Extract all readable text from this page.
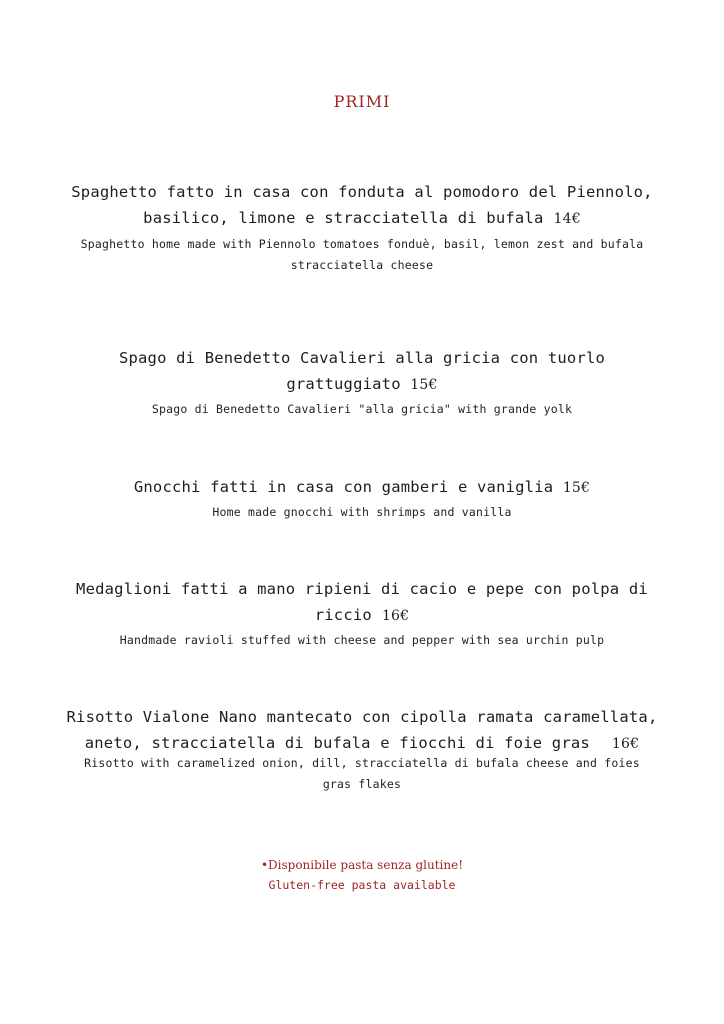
PRIMI
Spaghetto fatto in casa con fonduta al pomodoro del Piennolo,
basilico, limone e stracciatella di bufala 14€
Spaghetto home made with Piennolo tomatoes fonduè, basil, lemon zest and bufala
stracciatella cheese
Spago di Benedetto Cavalieri alla gricia con tuorlo
grattuggiato 15€
Spago di Benedetto Cavalieri "alla gricia" with grande yolk
Gnocchi fatti in casa con gamberi e vaniglia 15€
Home made gnocchi with shrimps and vanilla
Medaglioni fatti a mano ripieni di cacio e pepe con polpa di
riccio 16€
Handmade ravioli stuffed with cheese and pepper with sea urchin pulp
Risotto Vialone Nano mantecato con cipolla ramata caramellata,
aneto, stracciatella di bufala e fiocchi di foie gras 16€
Risotto with caramelized onion, dill, stracciatella di bufala cheese and foies
gras flakes
•Disponibile pasta senza glutine!
Gluten-free pasta available
